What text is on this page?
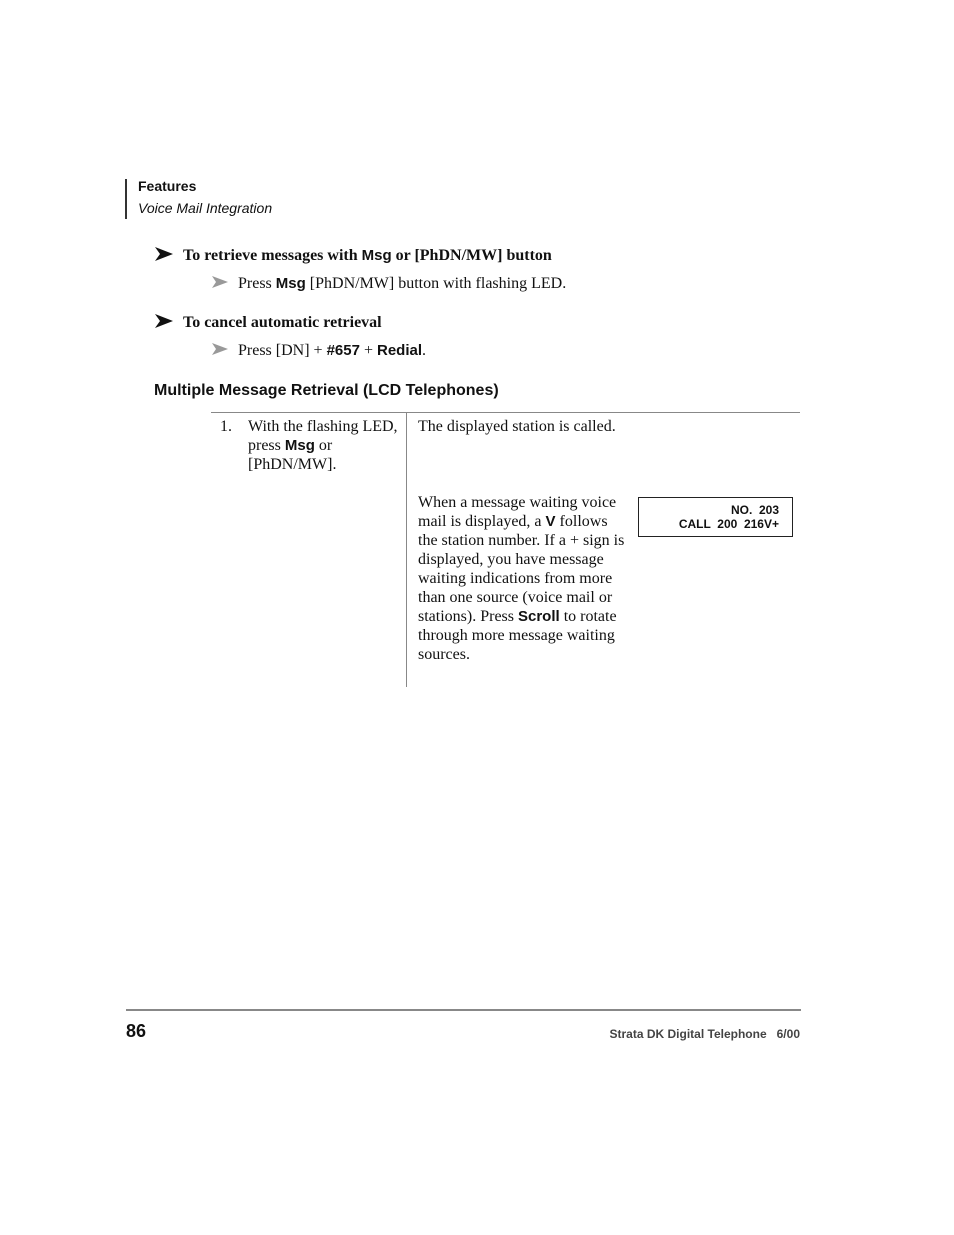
Features
Voice Mail Integration
To retrieve messages with Msg or [PhDN/MW] button
Press Msg [PhDN/MW] button with flashing LED.
To cancel automatic retrieval
Press [DN] + #657 + Redial.
Multiple Message Retrieval (LCD Telephones)
1. With the flashing LED, press Msg or [PhDN/MW].
The displayed station is called.
When a message waiting voice mail is displayed, a V follows the station number. If a + sign is displayed, you have message waiting indications from more than one source (voice mail or stations). Press Scroll to rotate through more message waiting sources.
NO.  203
CALL  200  216V+
86	Strata DK Digital Telephone   6/00
